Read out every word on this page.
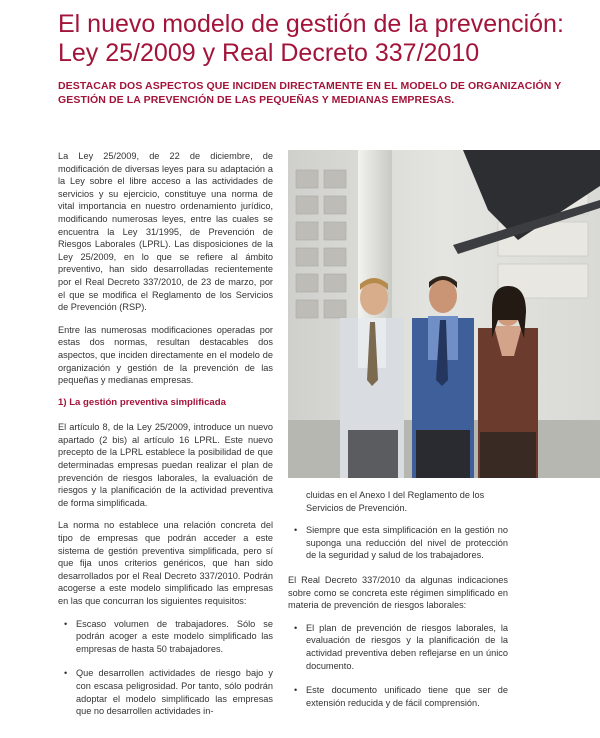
El nuevo modelo de gestión de la prevención: Ley 25/2009 y Real Decreto 337/2010
DESTACAR DOS ASPECTOS QUE INCIDEN DIRECTAMENTE EN EL MODELO DE ORGANIZACIÓN Y GESTIÓN DE LA PREVENCIÓN DE LAS PEQUEÑAS Y MEDIANAS EMPRESAS.

La Ley 25/2009, de 22 de diciembre, de modificación de diversas leyes para su adaptación a la Ley sobre el libre acceso a las actividades de servicios y su ejercicio, constituye una norma de vital importancia en nuestro ordenamiento jurídico, modificando numerosas leyes, entre las cuales se encuentra la Ley 31/1995, de Prevención de Riesgos Laborales (LPRL). Las disposiciones de la Ley 25/2009, en lo que se refiere al ámbito preventivo, han sido desarrolladas recientemente por el Real Decreto 337/2010, de 23 de marzo, por el que se modifica el Reglamento de los Servicios de Prevención (RSP).

Entre las numerosas modificaciones operadas por estas dos normas, resultan destacables dos aspectos, que inciden directamente en el modelo de organización y gestión de la prevención de las pequeñas y medianas empresas.

1) La gestión preventiva simplificada

El artículo 8, de la Ley 25/2009, introduce un nuevo apartado (2 bis) al artículo 16 LPRL. Este nuevo precepto de la LPRL establece la posibilidad de que determinadas empresas puedan realizar el plan de prevención de riesgos laborales, la evaluación de riesgos y la planificación de la actividad preventiva de forma simplificada.

La norma no establece una relación concreta del tipo de empresas que podrán acceder a este sistema de gestión preventiva simplificada, pero sí que fija unos criterios genéricos, que han sido desarrollados por el Real Decreto 337/2010. Podrán acogerse a este modelo simplificado las empresas en las que concurran los siguientes requisitos:

• Escaso volumen de trabajadores. Sólo se podrán acoger a este modelo simplificado las empresas de hasta 50 trabajadores.
• Que desarrollen actividades de riesgo bajo y con escasa peligrosidad. Por tanto, sólo podrán adoptar el modelo simplificado las empresas que no desarrollen actividades in-

cluidas en el Anexo I del Reglamento de los Servicios de Prevención.

• Siempre que esta simplificación en la gestión no suponga una reducción del nivel de protección de la seguridad y salud de los trabajadores.

El Real Decreto 337/2010 da algunas indicaciones sobre como se concreta este régimen simplificado en materia de prevención de riesgos laborales:

• El plan de prevención de riesgos laborales, la evaluación de riesgos y la planificación de la actividad preventiva deben reflejarse en un único documento.
• Este documento unificado tiene que ser de extensión reducida y de fácil comprensión.
